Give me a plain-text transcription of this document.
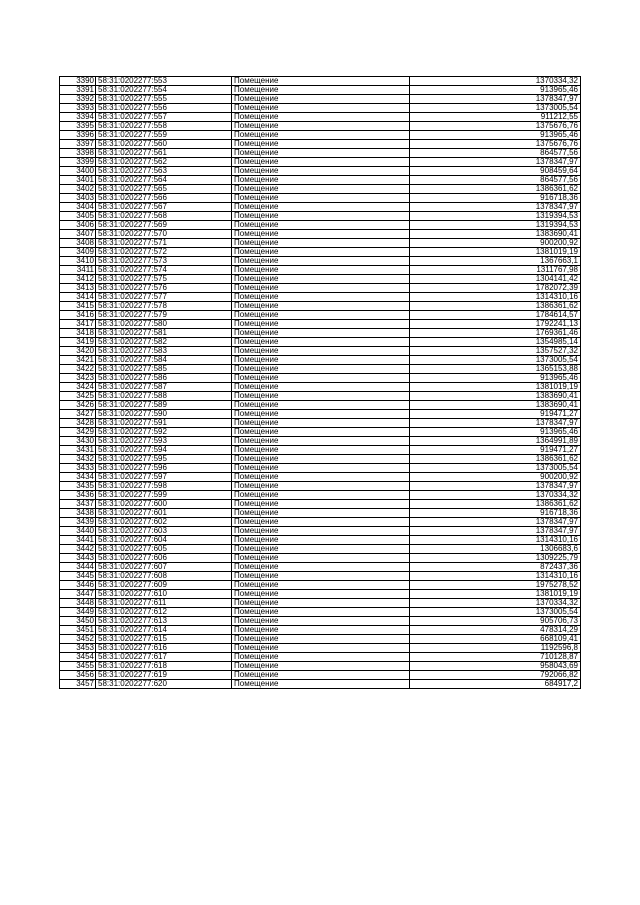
3390	58:31:0202277:553	Помещение	1370334,32
3391	58:31:0202277:554	Помещение	913965,46
3392	58:31:0202277:555	Помещение	1378347,97
3393	58:31:0202277:556	Помещение	1373005,54
3394	58:31:0202277:557	Помещение	911212,55
3395	58:31:0202277:558	Помещение	1375676,76
3396	58:31:0202277:559	Помещение	913965,46
3397	58:31:0202277:560	Помещение	1375676,76
3398	58:31:0202277:561	Помещение	864577,56
3399	58:31:0202277:562	Помещение	1378347,97
3400	58:31:0202277:563	Помещение	908459,64
3401	58:31:0202277:564	Помещение	864577,56
3402	58:31:0202277:565	Помещение	1386361,62
3403	58:31:0202277:566	Помещение	916718,36
3404	58:31:0202277:567	Помещение	1378347,97
3405	58:31:0202277:568	Помещение	1319394,53
3406	58:31:0202277:569	Помещение	1319394,53
3407	58:31:0202277:570	Помещение	1383690,41
3408	58:31:0202277:571	Помещение	900200,92
3409	58:31:0202277:572	Помещение	1381019,19
3410	58:31:0202277:573	Помещение	1367663,1
3411	58:31:0202277:574	Помещение	1311767,98
3412	58:31:0202277:575	Помещение	1304141,42
3413	58:31:0202277:576	Помещение	1782072,39
3414	58:31:0202277:577	Помещение	1314310,16
3415	58:31:0202277:578	Помещение	1386361,62
3416	58:31:0202277:579	Помещение	1784614,57
3417	58:31:0202277:580	Помещение	1792241,13
3418	58:31:0202277:581	Помещение	1769361,46
3419	58:31:0202277:582	Помещение	1354985,14
3420	58:31:0202277:583	Помещение	1357527,32
3421	58:31:0202277:584	Помещение	1373005,54
3422	58:31:0202277:585	Помещение	1365153,88
3423	58:31:0202277:586	Помещение	913965,46
3424	58:31:0202277:587	Помещение	1381019,19
3425	58:31:0202277:588	Помещение	1383690,41
3426	58:31:0202277:589	Помещение	1383690,41
3427	58:31:0202277:590	Помещение	919471,27
3428	58:31:0202277:591	Помещение	1378347,97
3429	58:31:0202277:592	Помещение	913965,46
3430	58:31:0202277:593	Помещение	1364991,89
3431	58:31:0202277:594	Помещение	919471,27
3432	58:31:0202277:595	Помещение	1386361,62
3433	58:31:0202277:596	Помещение	1373005,54
3434	58:31:0202277:597	Помещение	900200,92
3435	58:31:0202277:598	Помещение	1378347,97
3436	58:31:0202277:599	Помещение	1370334,32
3437	58:31:0202277:600	Помещение	1386361,62
3438	58:31:0202277:601	Помещение	916718,36
3439	58:31:0202277:602	Помещение	1378347,97
3440	58:31:0202277:603	Помещение	1378347,97
3441	58:31:0202277:604	Помещение	1314310,16
3442	58:31:0202277:605	Помещение	1306683,6
3443	58:31:0202277:606	Помещение	1309225,79
3444	58:31:0202277:607	Помещение	872437,36
3445	58:31:0202277:608	Помещение	1314310,16
3446	58:31:0202277:609	Помещение	1975278,52
3447	58:31:0202277:610	Помещение	1381019,19
3448	58:31:0202277:611	Помещение	1370334,32
3449	58:31:0202277:612	Помещение	1373005,54
3450	58:31:0202277:613	Помещение	905706,73
3451	58:31:0202277:614	Помещение	478314,29
3452	58:31:0202277:615	Помещение	668109,41
3453	58:31:0202277:616	Помещение	1192596,8
3454	58:31:0202277:617	Помещение	710128,87
3455	58:31:0202277:618	Помещение	958043,69
3456	58:31:0202277:619	Помещение	792066,82
3457	58:31:0202277:620	Помещение	684917,2
